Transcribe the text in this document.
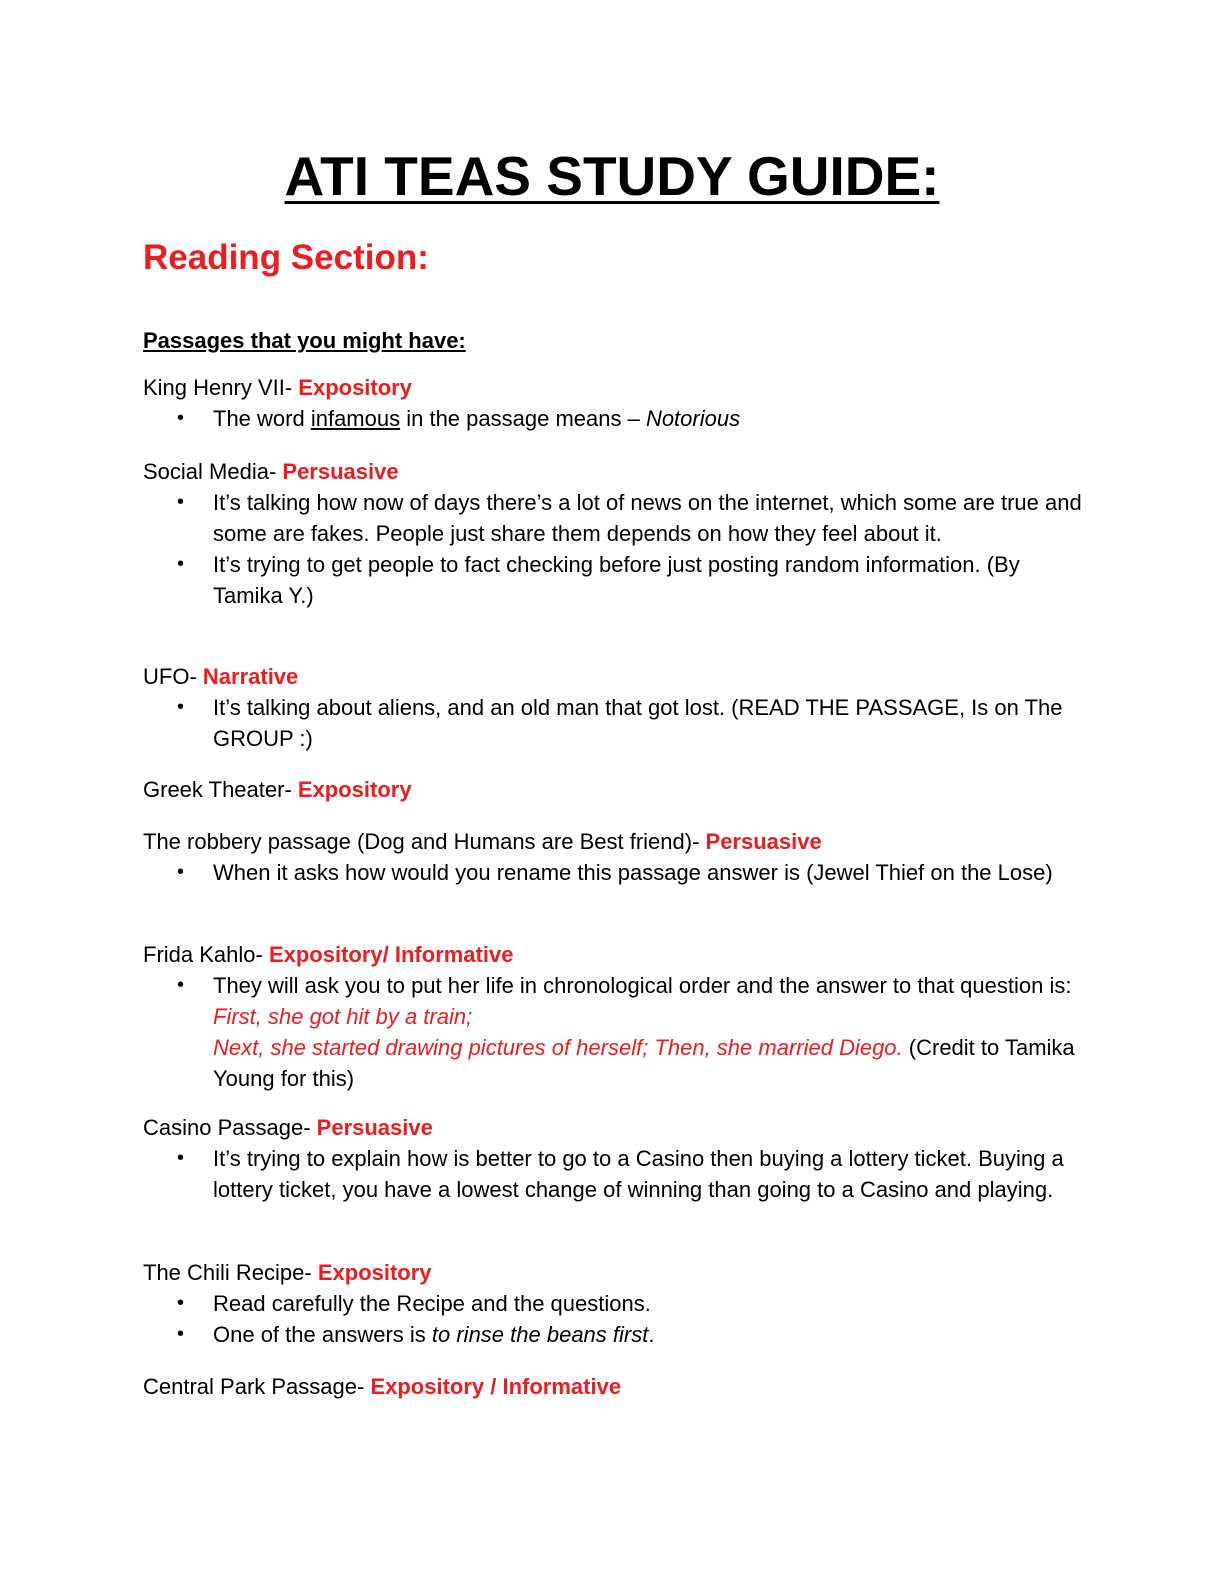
ATI TEAS STUDY GUIDE:
Reading Section:
Passages that you might have:
King Henry VII- Expository
• The word infamous in the passage means – Notorious
Social Media- Persuasive
• It’s talking how now of days there’s a lot of news on the internet, which some are true and some are fakes. People just share them depends on how they feel about it.
• It’s trying to get people to fact checking before just posting random information. (By Tamika Y.)
UFO- Narrative
• It’s talking about aliens, and an old man that got lost. (READ THE PASSAGE, Is on The GROUP :)
Greek Theater- Expository
The robbery passage (Dog and Humans are Best friend)- Persuasive
• When it asks how would you rename this passage answer is (Jewel Thief on the Lose)
Frida Kahlo- Expository/ Informative
• They will ask you to put her life in chronological order and the answer to that question is: First, she got hit by a train;
Next, she started drawing pictures of herself; Then, she married Diego. (Credit to Tamika Young for this)
Casino Passage- Persuasive
• It’s trying to explain how is better to go to a Casino then buying a lottery ticket. Buying a lottery ticket, you have a lowest change of winning than going to a Casino and playing.
The Chili Recipe- Expository
• Read carefully the Recipe and the questions.
• One of the answers is to rinse the beans first.
Central Park Passage- Expository / Informative
